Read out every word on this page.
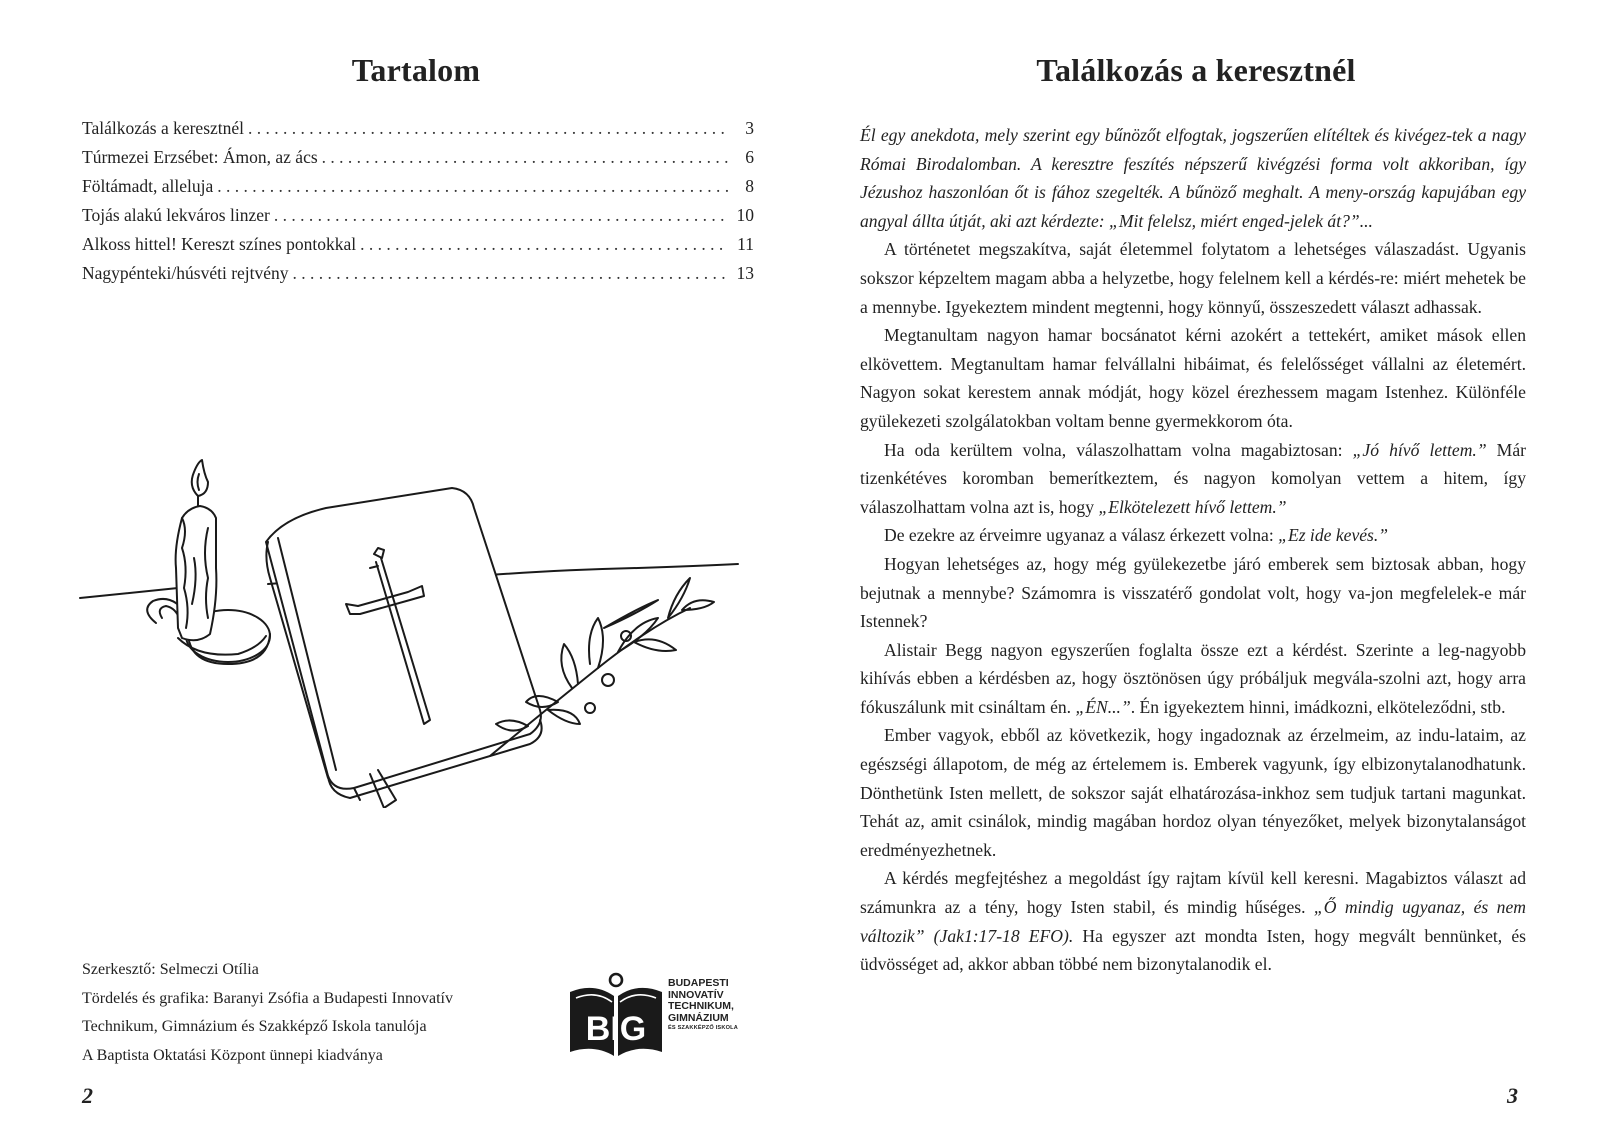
Tartalom
Találkozás a keresztnél . . .	3
Túrmezei Erzsébet: Ámon, az ács . . .	6
Föltámadt, alleluja . . .	8
Tojás alakú lekváros linzer . . .	10
Alkoss hittel! Kereszt színes pontokkal . . .	11
Nagypénteki/húsvéti rejtvény . . .	13
Szerkesztő: Selmeczi Otília
Tördelés és grafika: Baranyi Zsófia a Budapesti Innovatív
Technikum, Gimnázium és Szakképző Iskola tanulója
A Baptista Oktatási Központ ünnepi kiadványa
BIG
BUDAPESTI
INNOVATÍV
TECHNIKUM,
GIMNÁZIUM
ÉS SZAKKÉPZŐ ISKOLA
2
Találkozás a keresztnél

Él egy anekdota, mely szerint egy bűnözőt elfogtak, jogszerűen elítéltek és kivégez-tek a nagy Római Birodalomban. A keresztre feszítés népszerű kivégzési forma volt akkoriban, így Jézushoz haszonlóan őt is fához szegelték. A bűnöző meghalt. A meny-ország kapujában egy angyal állta útját, aki azt kérdezte: „Mit felelsz, miért enged-jelek át?”...

A történetet megszakítva, saját életemmel folytatom a lehetséges válaszadást. Ugyanis sokszor képzeltem magam abba a helyzetbe, hogy felelnem kell a kérdés-re: miért mehetek be a mennybe. Igyekeztem mindent megtenni, hogy könnyű, összeszedett választ adhassak.

Megtanultam nagyon hamar bocsánatot kérni azokért a tettekért, amiket mások ellen elkövettem. Megtanultam hamar felvállalni hibáimat, és felelősséget vállalni az életemért. Nagyon sokat kerestem annak módját, hogy közel érezhessem magam Istenhez. Különféle gyülekezeti szolgálatokban voltam benne gyermekkorom óta.

Ha oda kerültem volna, válaszolhattam volna magabiztosan: „Jó hívő lettem.” Már tizenkétéves koromban bemerítkeztem, és nagyon komolyan vettem a hitem, így válaszolhattam volna azt is, hogy „Elkötelezett hívő lettem.”

De ezekre az érveimre ugyanaz a válasz érkezett volna: „Ez ide kevés.”

Hogyan lehetséges az, hogy még gyülekezetbe járó emberek sem biztosak abban, hogy bejutnak a mennybe? Számomra is visszatérő gondolat volt, hogy va-jon megfelelek-e már Istennek?

Alistair Begg nagyon egyszerűen foglalta össze ezt a kérdést. Szerinte a leg-nagyobb kihívás ebben a kérdésben az, hogy ösztönösen úgy próbáljuk megvála-szolni azt, hogy arra fókuszálunk mit csináltam én. „ÉN...”. Én igyekeztem hinni, imádkozni, elköteleződni, stb.

Ember vagyok, ebből az következik, hogy ingadoznak az érzelmeim, az indu-lataim, az egészségi állapotom, de még az értelemem is. Emberek vagyunk, így elbizonytalanodhatunk. Dönthetünk Isten mellett, de sokszor saját elhatározása-inkhoz sem tudjuk tartani magunkat. Tehát az, amit csinálok, mindig magában hordoz olyan tényezőket, melyek bizonytalanságot eredményezhetnek.

A kérdés megfejtéshez a megoldást így rajtam kívül kell keresni. Magabiztos választ ad számunkra az a tény, hogy Isten stabil, és mindig hűséges. „Ő mindig ugyanaz, és nem változik” (Jak1:17-18 EFO). Ha egyszer azt mondta Isten, hogy megvált bennünket, és üdvösséget ad, akkor abban többé nem bizonytalanodik el.

3
